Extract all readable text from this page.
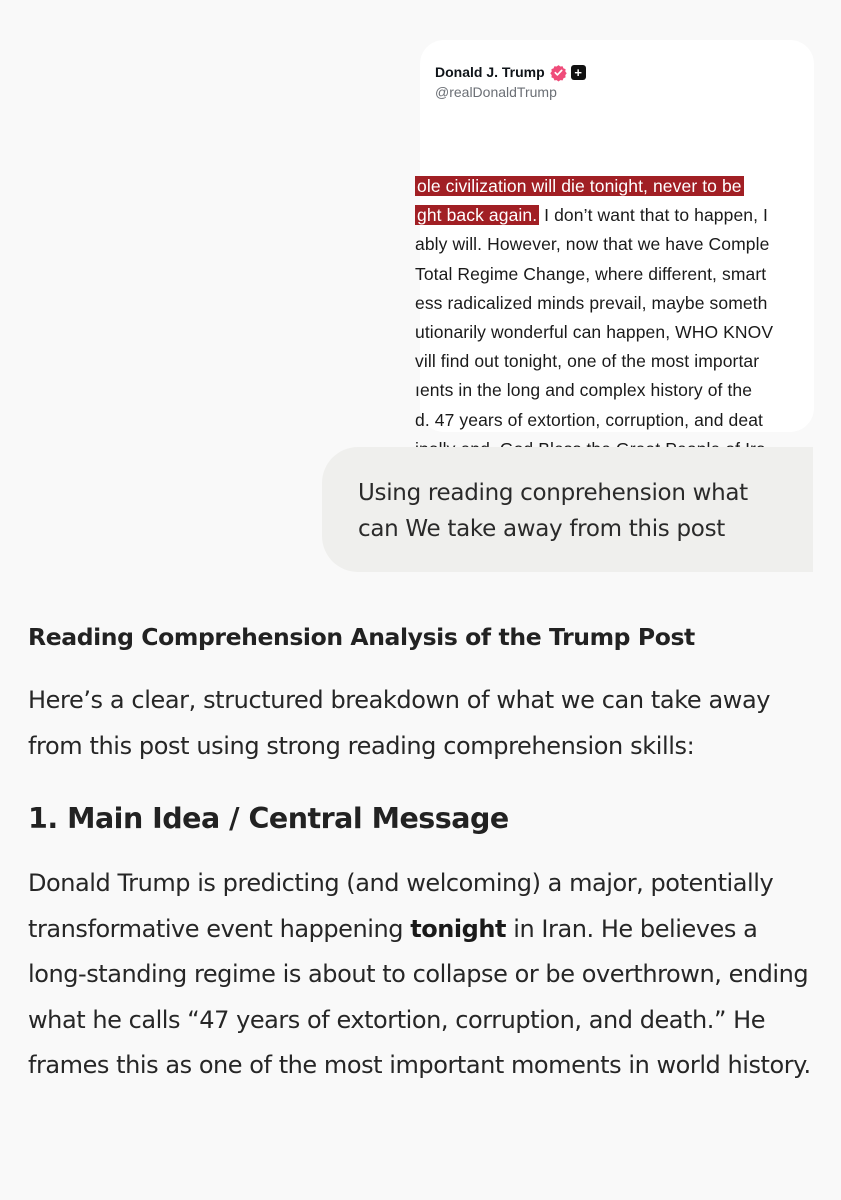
Donald J. Trump +
@realDonaldTrump
ole civilization will die tonight, never to be
ght back again. I don’t want that to happen, I
ably will. However, now that we have Comple
Total Regime Change, where different, smart
ess radicalized minds prevail, maybe someth
utionarily wonderful can happen, WHO KNOV
vill find out tonight, one of the most importar
ıents in the long and complex history of the
d. 47 years of extortion, corruption, and deat
Using reading conprehension what can We take away from this post
Reading Comprehension Analysis of the Trump Post

Here’s a clear, structured breakdown of what we can take away from this post using strong reading comprehension skills:

1. Main Idea / Central Message

Donald Trump is predicting (and welcoming) a major, potentially transformative event happening tonight in Iran. He believes a long-standing regime is about to collapse or be overthrown, ending what he calls “47 years of extortion, corruption, and death.” He frames this as one of the most important moments in world history.
